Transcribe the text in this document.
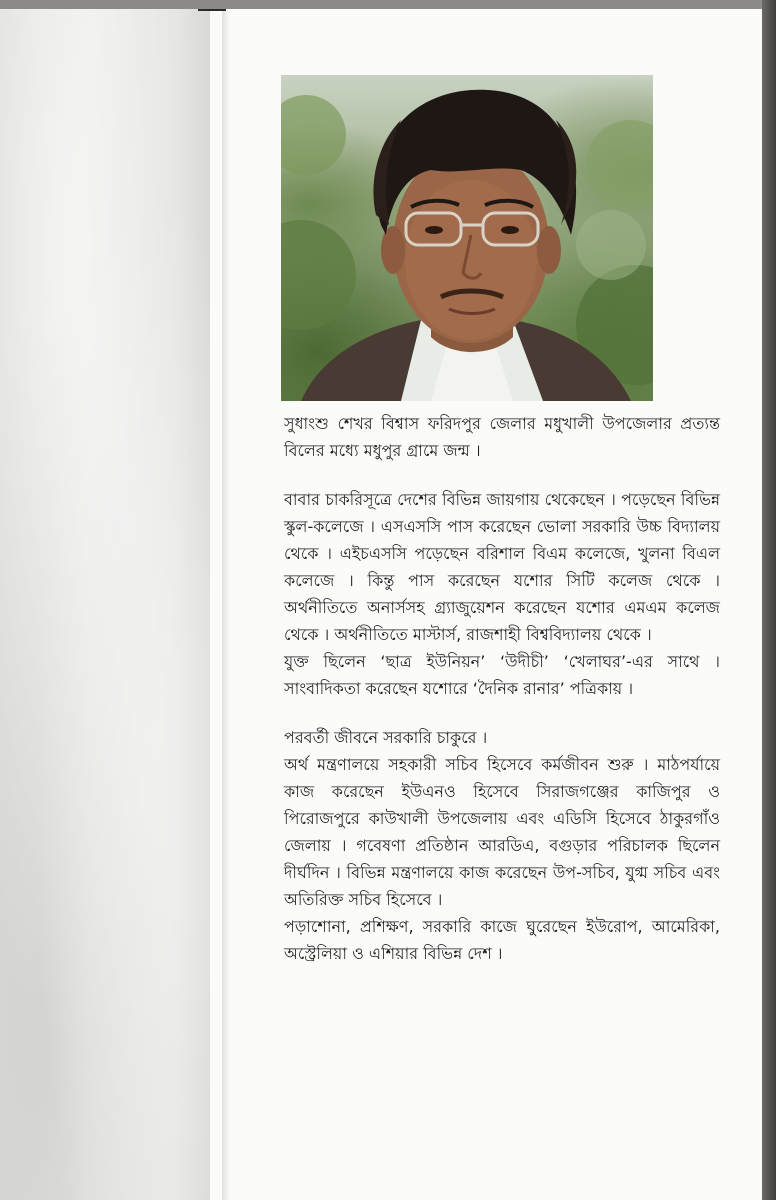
সুধাংশু শেখর বিশ্বাস ফরিদপুর জেলার মধুখালী উপজেলার প্রত্যন্ত বিলের মধ্যে মধুপুর গ্রামে জন্ম ।

বাবার চাকরিসূত্রে দেশের বিভিন্ন জায়গায় থেকেছেন । পড়েছেন বিভিন্ন স্কুল-কলেজে । এসএসসি পাস করেছেন ভোলা সরকারি উচ্চ বিদ্যালয় থেকে । এইচএসসি পড়েছেন বরিশাল বিএম কলেজে, খুলনা বিএল কলেজে । কিন্তু পাস করেছেন যশোর সিটি কলেজ থেকে । অর্থনীতিতে অনার্সসহ গ্র্যাজুয়েশন করেছেন যশোর এমএম কলেজ থেকে । অর্থনীতিতে মাস্টার্স, রাজশাহী বিশ্ববিদ্যালয় থেকে ।

যুক্ত ছিলেন ‘ছাত্র ইউনিয়ন’ ‘উদীচী’ ‘খেলাঘর’-এর সাথে । সাংবাদিকতা করেছেন যশোরে ‘দৈনিক রানার’ পত্রিকায় ।

পরবর্তী জীবনে সরকারি চাকুরে ।

অর্থ মন্ত্রণালয়ে সহকারী সচিব হিসেবে কর্মজীবন শুরু । মাঠপর্যায়ে কাজ করেছেন ইউএনও হিসেবে সিরাজগঞ্জের কাজিপুর ও পিরোজপুরে কাউখালী উপজেলায় এবং এডিসি হিসেবে ঠাকুরগাঁও জেলায় । গবেষণা প্রতিষ্ঠান আরডিএ, বগুড়ার পরিচালক ছিলেন দীর্ঘদিন । বিভিন্ন মন্ত্রণালয়ে কাজ করেছেন উপ-সচিব, যুগ্ম সচিব এবং অতিরিক্ত সচিব হিসেবে ।

পড়াশোনা, প্রশিক্ষণ, সরকারি কাজে ঘুরেছেন ইউরোপ, আমেরিকা, অস্ট্রেলিয়া ও এশিয়ার বিভিন্ন দেশ ।
